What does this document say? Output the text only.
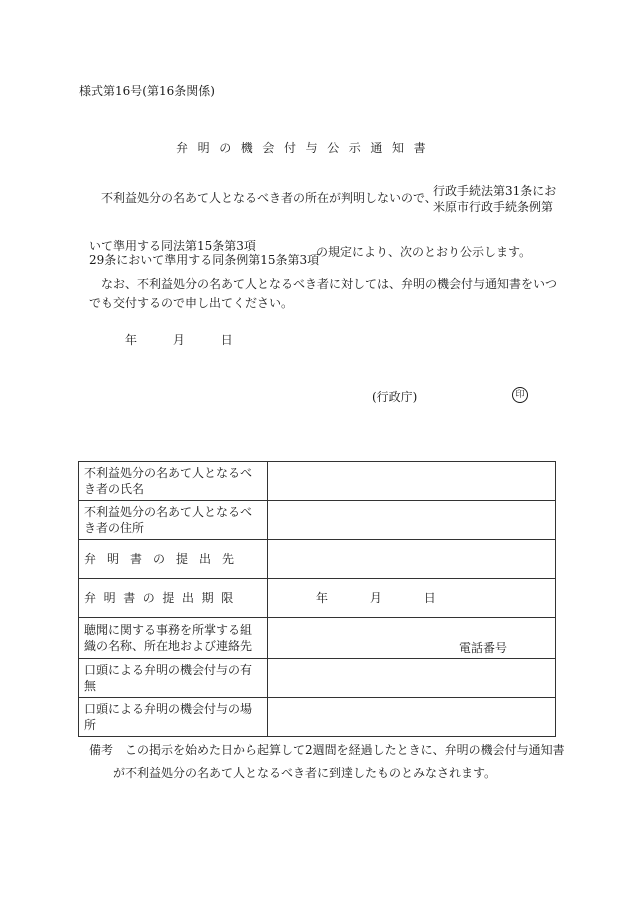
様式第16号(第16条関係)
弁明の機会付与公示通知書
不利益処分の名あて人となるべき者の所在が判明しないので、
行政手続法第31条にお
米原市行政手続条例第
いて準用する同法第15条第3項
29条において準用する同条例第15条第3項
の規定により、次のとおり公示します。
なお、不利益処分の名あて人となるべき者に対しては、弁明の機会付与通知書をいつでも交付するので申し出てください。
年	月	日
(行政庁)	印
不利益処分の名あて人となるべき者の氏名	
不利益処分の名あて人となるべき者の住所	
弁明書の提出先	
弁明書の提出期限	年 月 日
聴聞に関する事務を所掌する組織の名称、所在地および連絡先	電話番号
口頭による弁明の機会付与の有無	
口頭による弁明の機会付与の場所	
備考 この掲示を始めた日から起算して2週間を経過したときに、弁明の機会付与通知書
が不利益処分の名あて人となるべき者に到達したものとみなされます。
